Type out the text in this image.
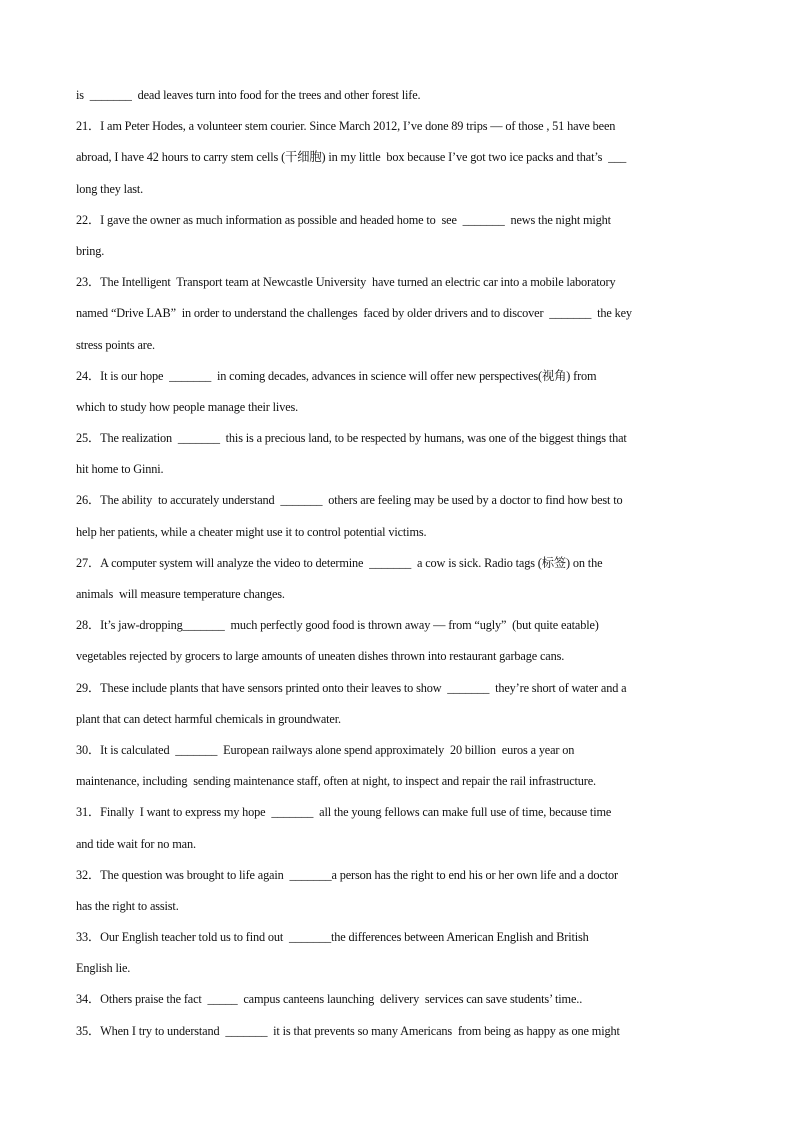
is  _______  dead leaves turn into food for the trees and other forest life.
21．I am Peter Hodes, a volunteer stem courier. Since March 2012, I’ve done 89 trips — of those , 51 have been
abroad, I have 42 hours to carry stem cells (干细胞) in my little  box because I’ve got two ice packs and that’s  ___
long they last.
22．I gave the owner as much information as possible and headed home to  see  _______  news the night might
bring.
23．The Intelligent  Transport team at Newcastle University  have turned an electric car into a mobile laboratory
named “Drive LAB”  in order to understand the challenges  faced by older drivers and to discover  _______  the key
stress points are.
24．It is our hope  _______  in coming decades, advances in science will offer new perspectives(视角) from
which to study how people manage their lives.
25．The realization  _______  this is a precious land, to be respected by humans, was one of the biggest things that
hit home to Ginni.
26．The ability  to accurately understand  _______  others are feeling may be used by a doctor to find how best to
help her patients, while a cheater might use it to control potential victims.
27．A computer system will analyze the video to determine  _______  a cow is sick. Radio tags (标签) on the
animals  will measure temperature changes.
28．It’s jaw-dropping_______  much perfectly good food is thrown away — from “ugly”  (but quite eatable)
vegetables rejected by grocers to large amounts of uneaten dishes thrown into restaurant garbage cans.
29．These include plants that have sensors printed onto their leaves to show  _______  they’re short of water and a
plant that can detect harmful chemicals in groundwater.
30．It is calculated  _______  European railways alone spend approximately  20 billion  euros a year on
maintenance, including  sending maintenance staff, often at night, to inspect and repair the rail infrastructure.
31．Finally  I want to express my hope  _______  all the young fellows can make full use of time, because time
and tide wait for no man.
32．The question was brought to life again  _______a person has the right to end his or her own life and a doctor
has the right to assist.
33．Our English teacher told us to find out  _______the differences between American English and British
English lie.
34．Others praise the fact  _____  campus canteens launching  delivery  services can save students’ time..
35．When I try to understand  _______  it is that prevents so many Americans  from being as happy as one might
